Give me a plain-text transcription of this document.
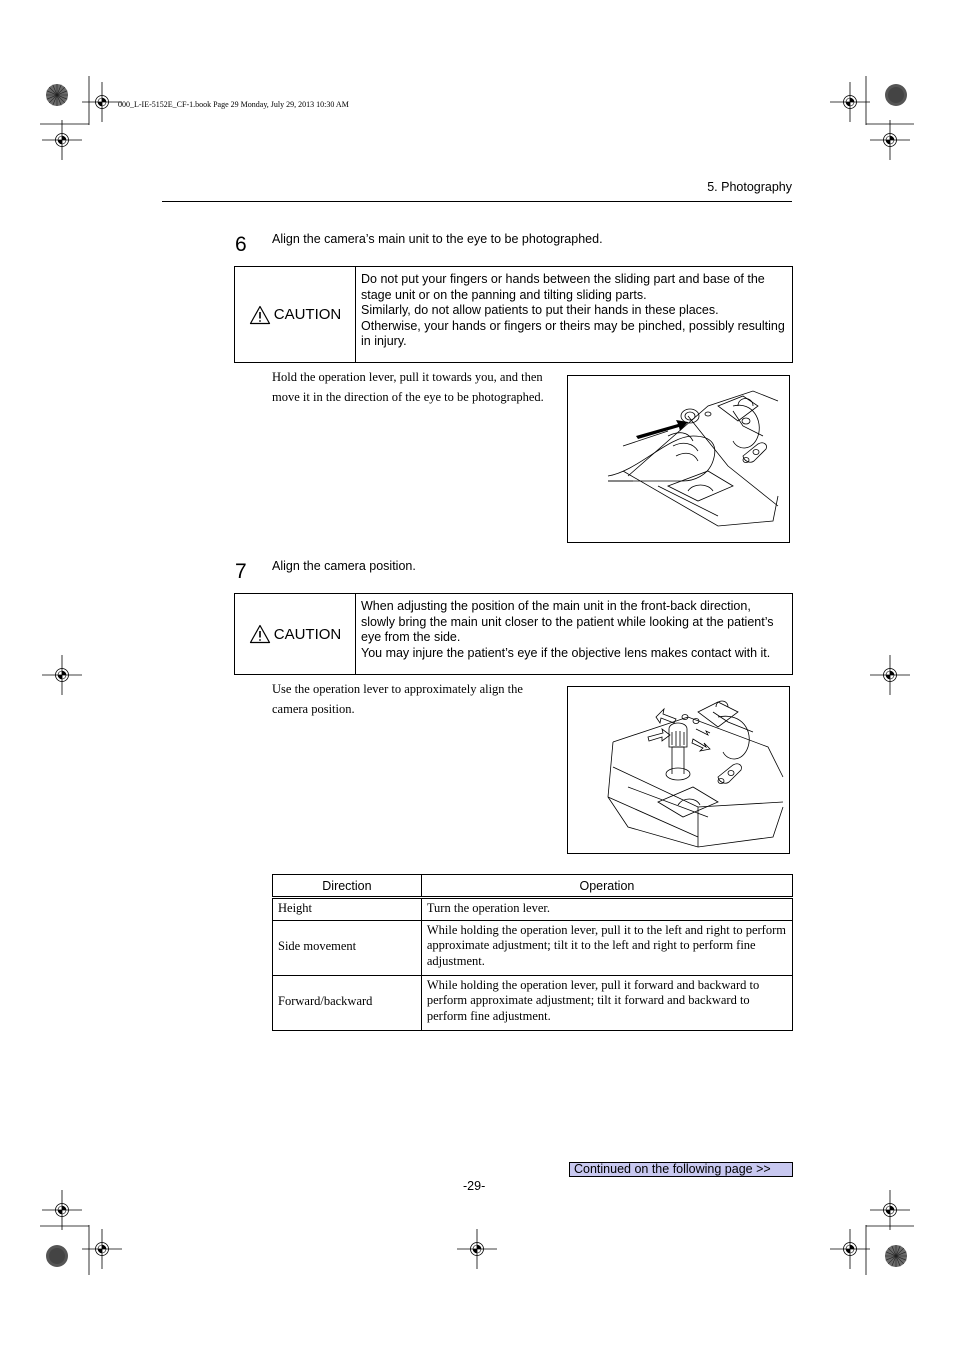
000_L-IE-5152E_CF-1.book Page 29 Monday, July 29, 2013 10:30 AM
5. Photography
6 Align the camera’s main unit to the eye to be photographed.
CAUTION

Do not put your fingers or hands between the sliding part and base of the stage unit or on the panning and tilting sliding parts.

Similarly, do not allow patients to put their hands in these places.

Otherwise, your hands or fingers or theirs may be pinched, possibly resulting in injury.

Hold the operation lever, pull it towards you, and then move it in the direction of the eye to be photographed.
7 Align the camera position.
CAUTION

When adjusting the position of the main unit in the front-back direction, slowly bring the main unit closer to the patient while looking at the patient’s eye from the side.

You may injure the patient’s eye if the objective lens makes contact with it.

Use the operation lever to approximately align the camera position.
Direction	Operation
Height	Turn the operation lever.
Side movement	While holding the operation lever, pull it to the left and right to perform approximate adjustment; tilt it to the left and right to perform fine adjustment.
Forward/backward	While holding the operation lever, pull it forward and backward to perform approximate adjustment; tilt it forward and backward to perform fine adjustment.
Continued on the following page >>
-29-
